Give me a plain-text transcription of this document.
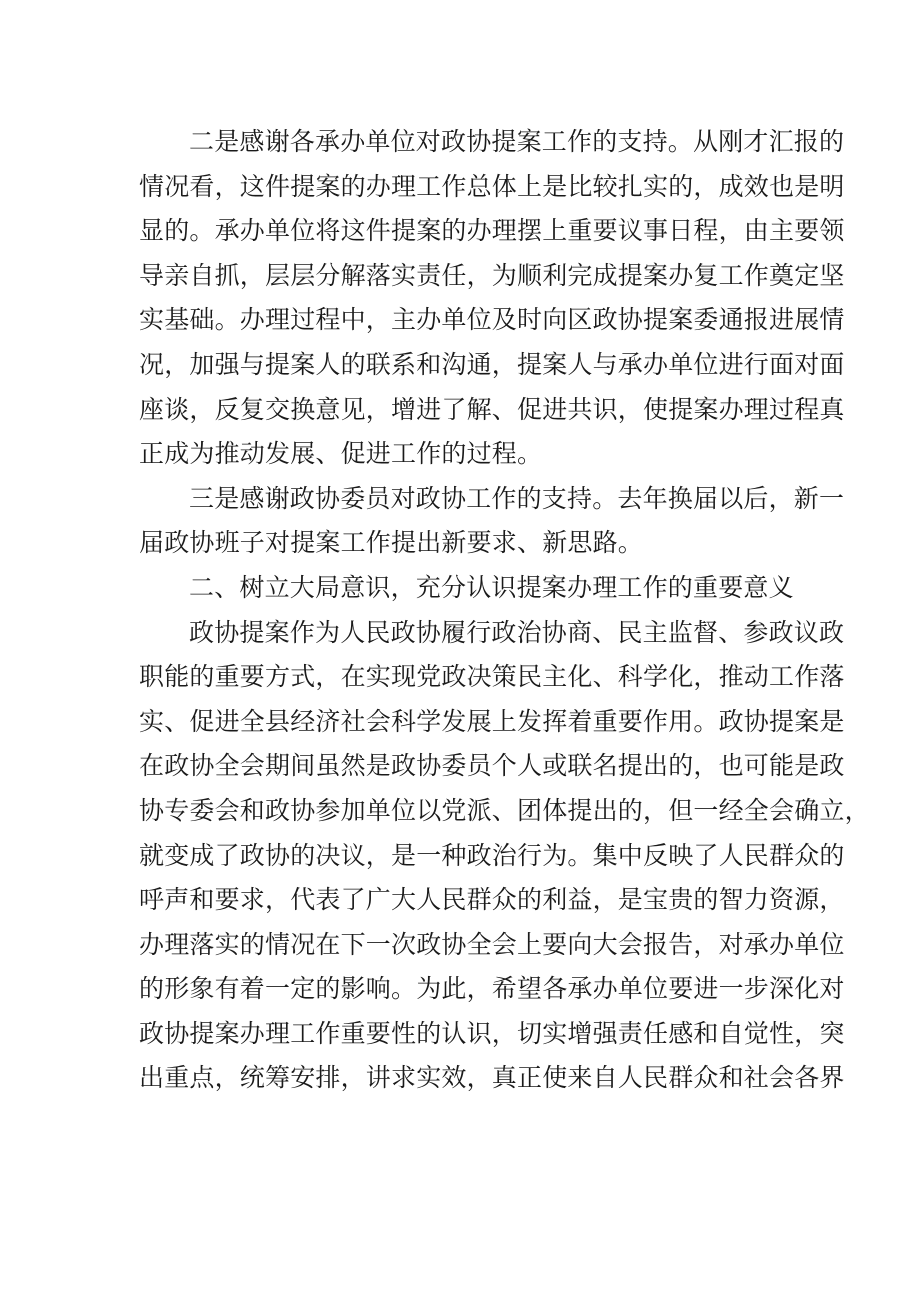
二是感谢各承办单位对政协提案工作的支持。从刚才汇报的
情况看，这件提案的办理工作总体上是比较扎实的，成效也是明
显的。承办单位将这件提案的办理摆上重要议事日程，由主要领
导亲自抓，层层分解落实责任，为顺利完成提案办复工作奠定坚
实基础。办理过程中，主办单位及时向区政协提案委通报进展情
况，加强与提案人的联系和沟通，提案人与承办单位进行面对面
座谈，反复交换意见，增进了解、促进共识，使提案办理过程真
正成为推动发展、促进工作的过程。
三是感谢政协委员对政协工作的支持。去年换届以后，新一
届政协班子对提案工作提出新要求、新思路。
二、树立大局意识，充分认识提案办理工作的重要意义
政协提案作为人民政协履行政治协商、民主监督、参政议政
职能的重要方式，在实现党政决策民主化、科学化，推动工作落
实、促进全县经济社会科学发展上发挥着重要作用。政协提案是
在政协全会期间虽然是政协委员个人或联名提出的，也可能是政
协专委会和政协参加单位以党派、团体提出的，但一经全会确立，
就变成了政协的决议，是一种政治行为。集中反映了人民群众的
呼声和要求，代表了广大人民群众的利益，是宝贵的智力资源，
办理落实的情况在下一次政协全会上要向大会报告，对承办单位
的形象有着一定的影响。为此，希望各承办单位要进一步深化对
政协提案办理工作重要性的认识，切实增强责任感和自觉性，突
出重点，统筹安排，讲求实效，真正使来自人民群众和社会各界
